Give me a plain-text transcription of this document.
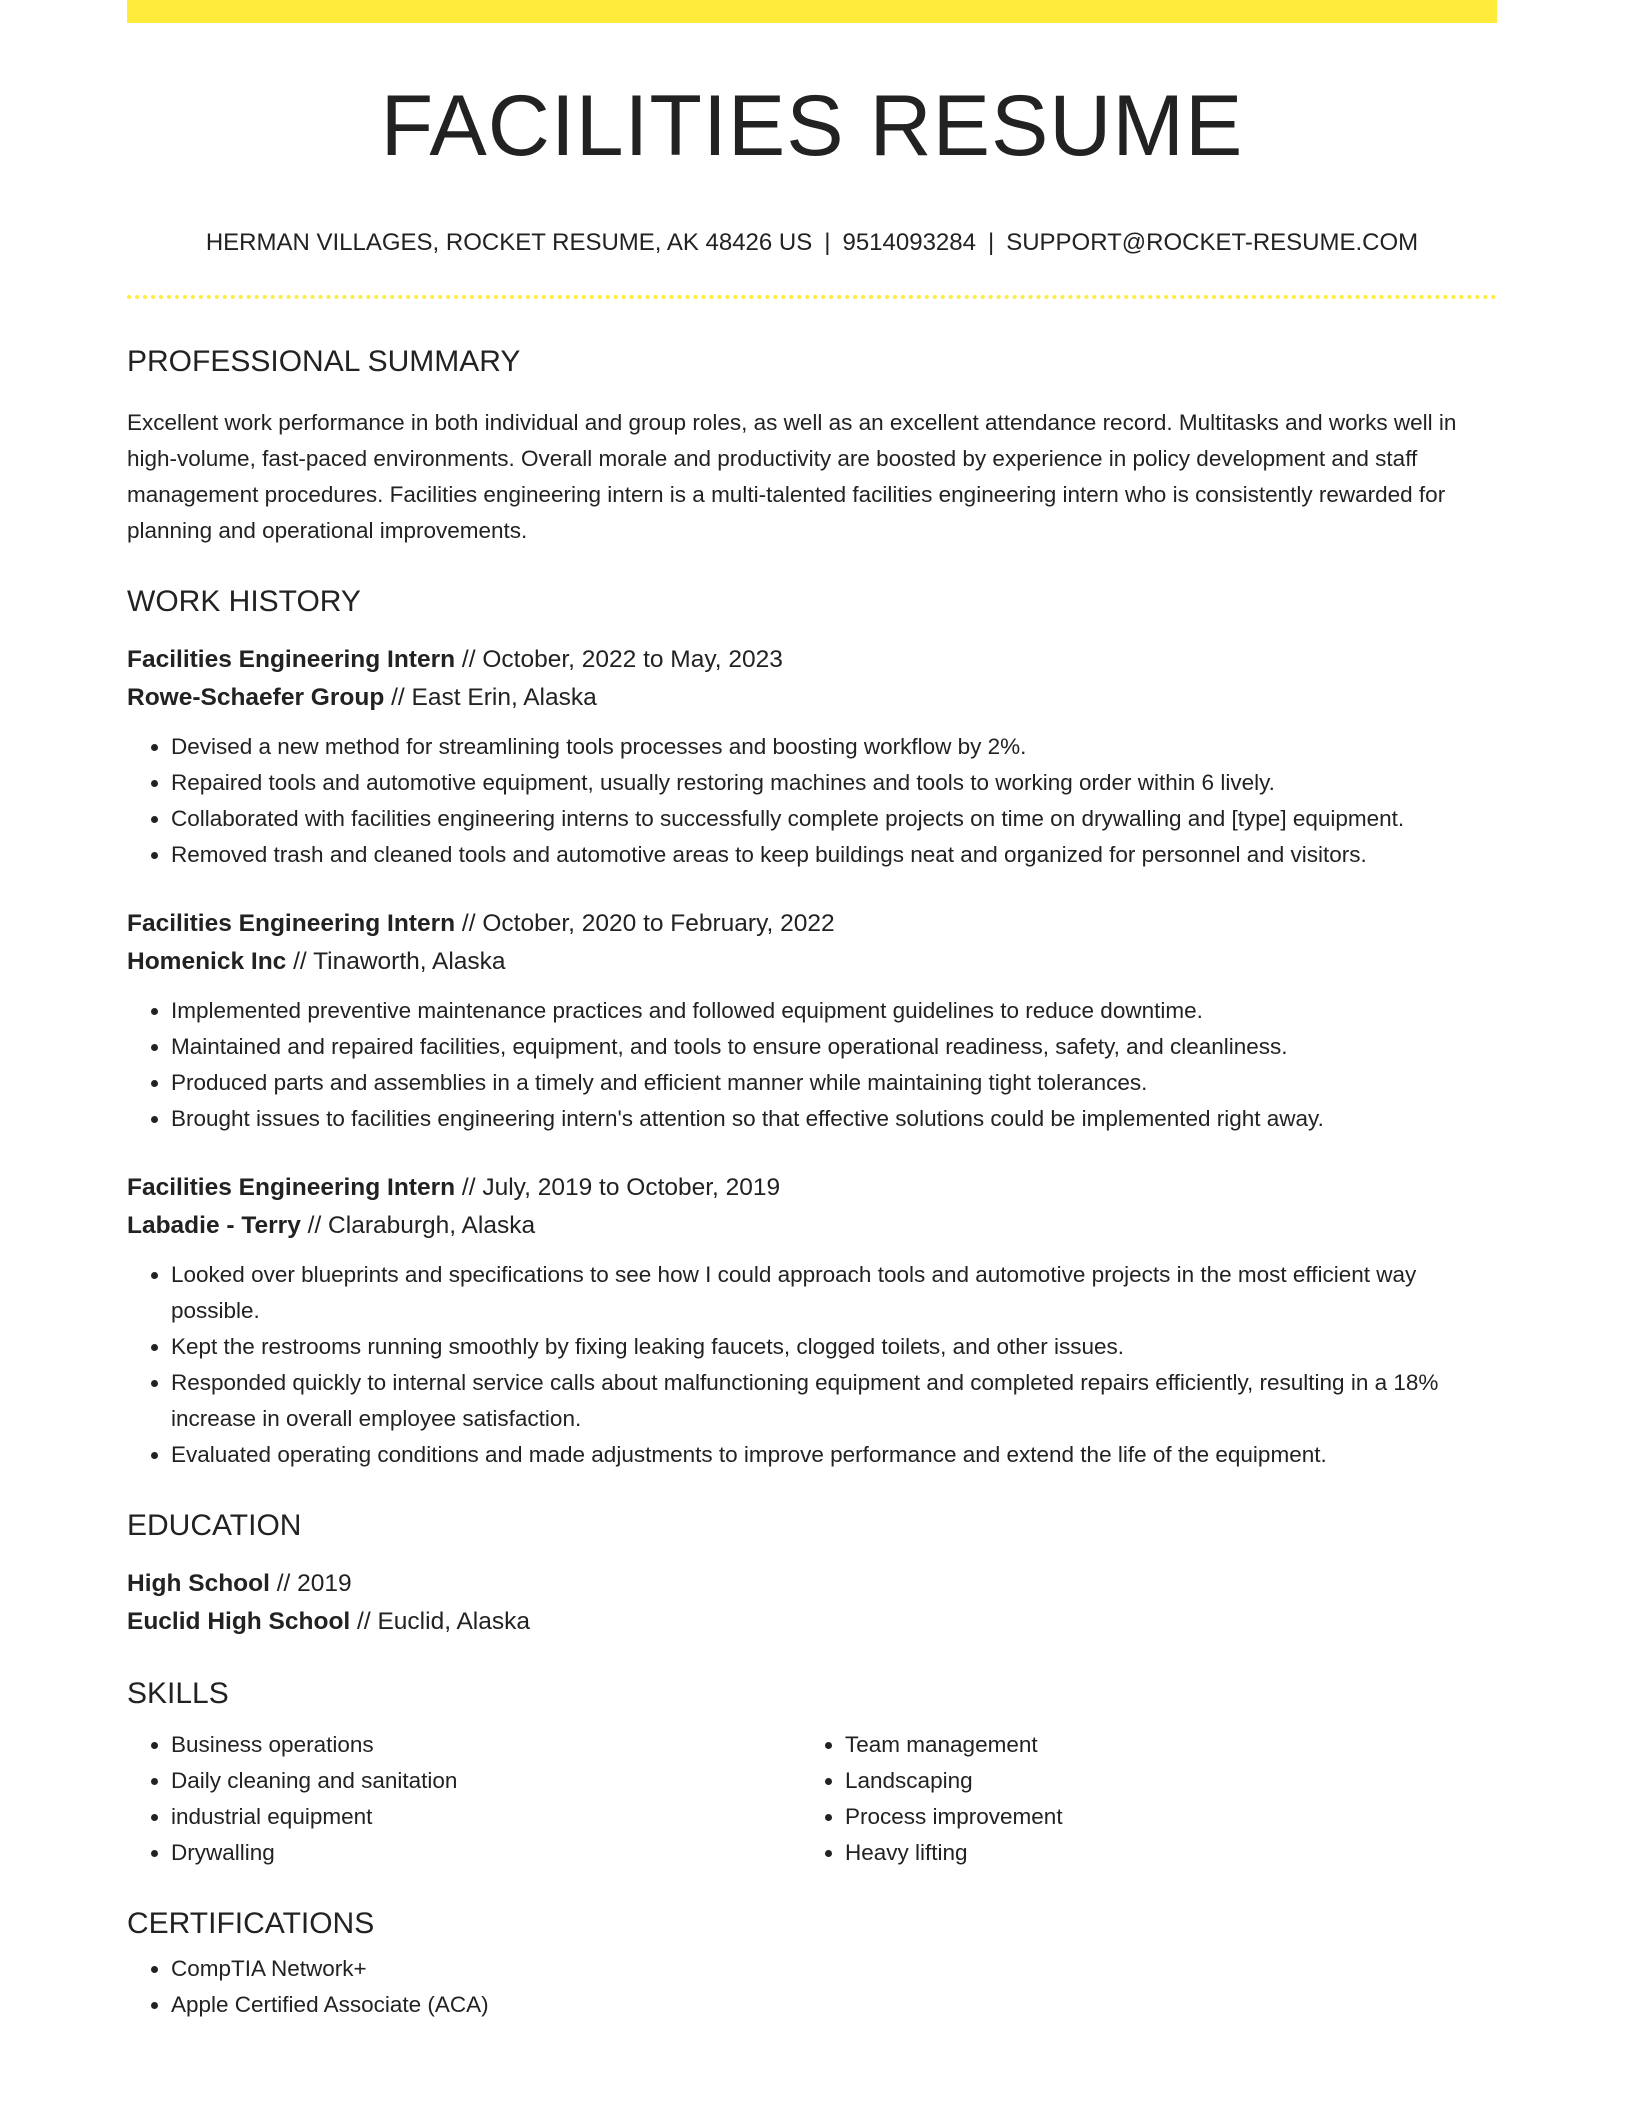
FACILITIES RESUME
HERMAN VILLAGES, ROCKET RESUME, AK 48426 US | 9514093284 | SUPPORT@ROCKET-RESUME.COM
PROFESSIONAL SUMMARY
Excellent work performance in both individual and group roles, as well as an excellent attendance record. Multitasks and works well in high-volume, fast-paced environments. Overall morale and productivity are boosted by experience in policy development and staff management procedures. Facilities engineering intern is a multi-talented facilities engineering intern who is consistently rewarded for planning and operational improvements.
WORK HISTORY
Facilities Engineering Intern // October, 2022 to May, 2023
Rowe-Schaefer Group // East Erin, Alaska
• Devised a new method for streamlining tools processes and boosting workflow by 2%.
• Repaired tools and automotive equipment, usually restoring machines and tools to working order within 6 lively.
• Collaborated with facilities engineering interns to successfully complete projects on time on drywalling and [type] equipment.
• Removed trash and cleaned tools and automotive areas to keep buildings neat and organized for personnel and visitors.
Facilities Engineering Intern // October, 2020 to February, 2022
Homenick Inc // Tinaworth, Alaska
• Implemented preventive maintenance practices and followed equipment guidelines to reduce downtime.
• Maintained and repaired facilities, equipment, and tools to ensure operational readiness, safety, and cleanliness.
• Produced parts and assemblies in a timely and efficient manner while maintaining tight tolerances.
• Brought issues to facilities engineering intern's attention so that effective solutions could be implemented right away.
Facilities Engineering Intern // July, 2019 to October, 2019
Labadie - Terry // Claraburgh, Alaska
• Looked over blueprints and specifications to see how I could approach tools and automotive projects in the most efficient way possible.
• Kept the restrooms running smoothly by fixing leaking faucets, clogged toilets, and other issues.
• Responded quickly to internal service calls about malfunctioning equipment and completed repairs efficiently, resulting in a 18% increase in overall employee satisfaction.
• Evaluated operating conditions and made adjustments to improve performance and extend the life of the equipment.
EDUCATION
High School // 2019
Euclid High School // Euclid, Alaska
SKILLS
• Business operations
• Daily cleaning and sanitation
• industrial equipment
• Drywalling
• Team management
• Landscaping
• Process improvement
• Heavy lifting
CERTIFICATIONS
• CompTIA Network+
• Apple Certified Associate (ACA)
